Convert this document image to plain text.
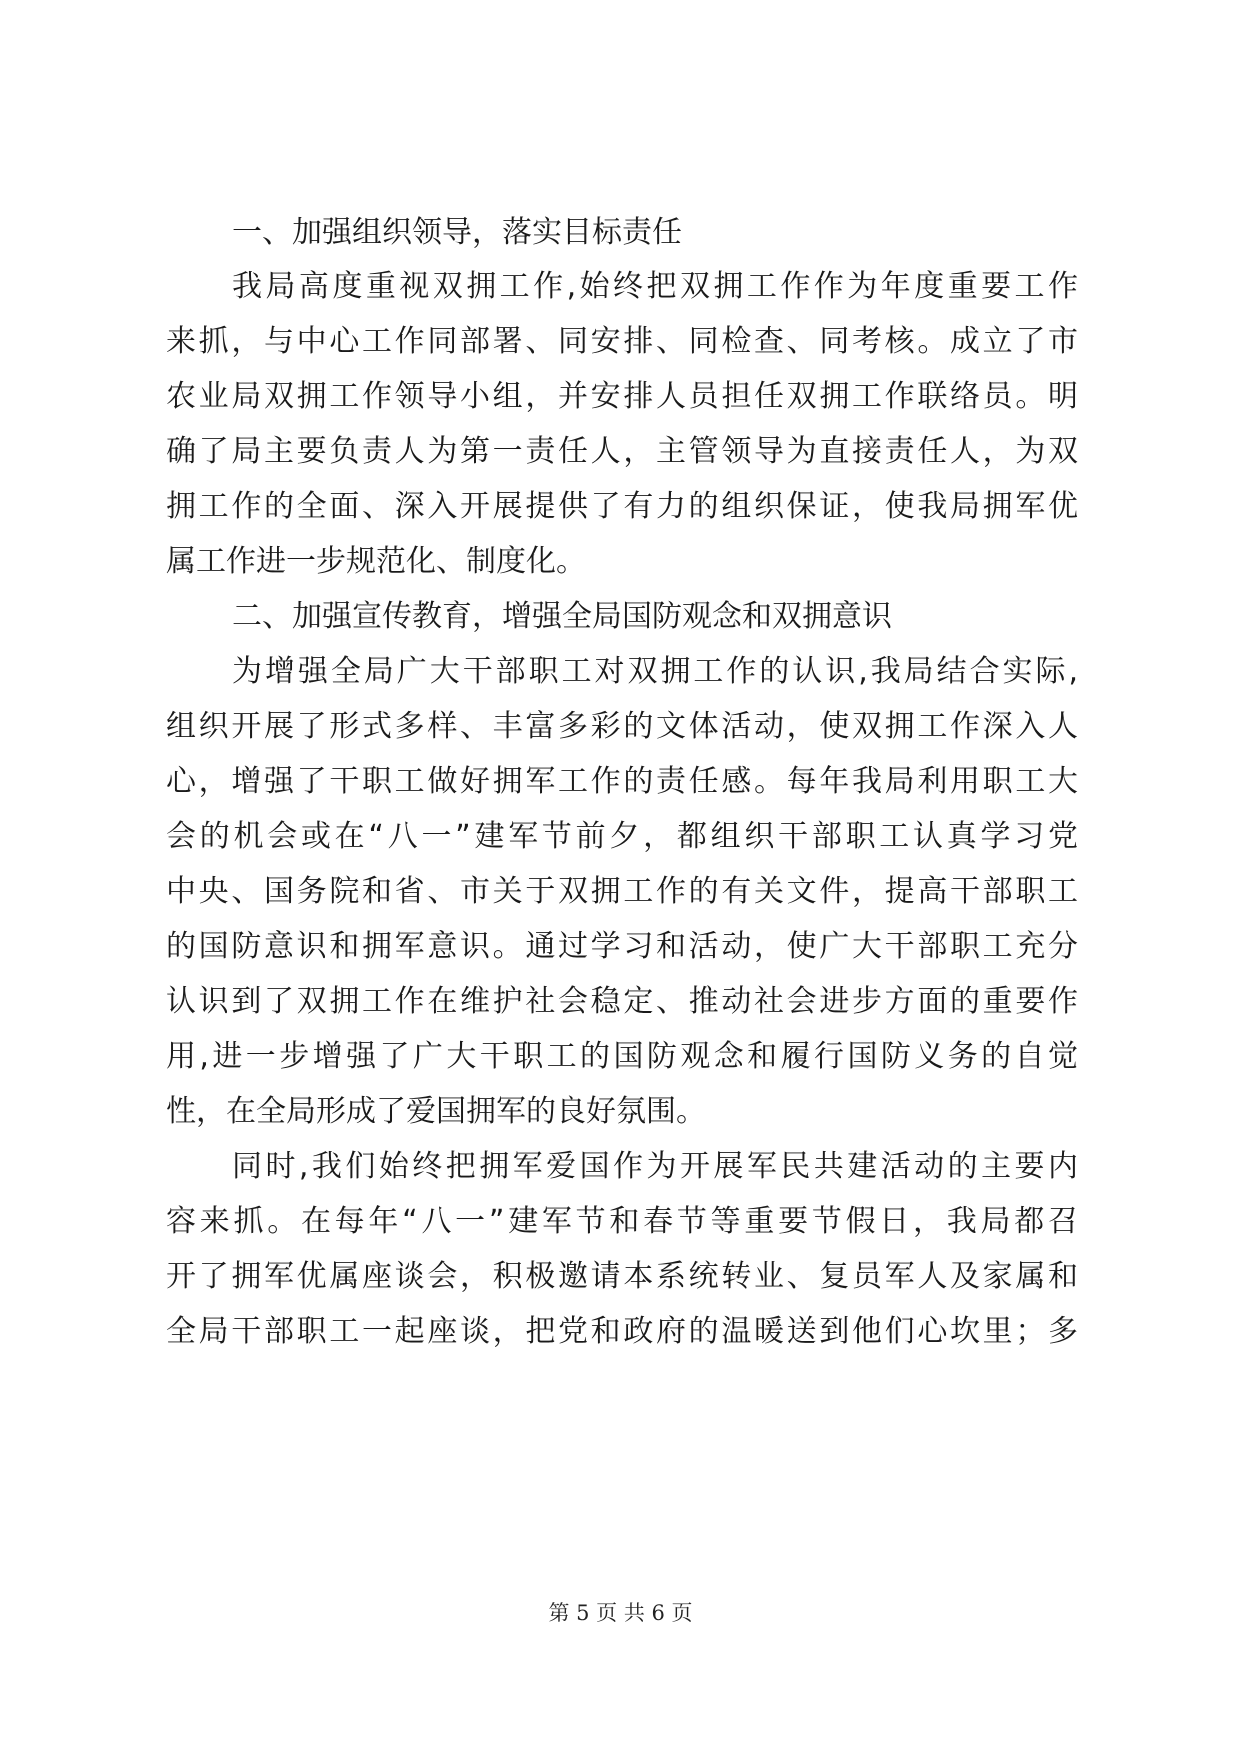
一、加强组织领导，落实目标责任
我局高度重视双拥工作,始终把双拥工作作为年度重要工作
来抓，与中心工作同部署、同安排、同检查、同考核。成立了市
农业局双拥工作领导小组，并安排人员担任双拥工作联络员。明
确了局主要负责人为第一责任人，主管领导为直接责任人，为双
拥工作的全面、深入开展提供了有力的组织保证，使我局拥军优
属工作进一步规范化、制度化。
二、加强宣传教育，增强全局国防观念和双拥意识
为增强全局广大干部职工对双拥工作的认识,我局结合实际,
组织开展了形式多样、丰富多彩的文体活动，使双拥工作深入人
心，增强了干职工做好拥军工作的责任感。每年我局利用职工大
会的机会或在“八一”建军节前夕，都组织干部职工认真学习党
中央、国务院和省、市关于双拥工作的有关文件，提高干部职工
的国防意识和拥军意识。通过学习和活动，使广大干部职工充分
认识到了双拥工作在维护社会稳定、推动社会进步方面的重要作
用,进一步增强了广大干职工的国防观念和履行国防义务的自觉
性，在全局形成了爱国拥军的良好氛围。
同时,我们始终把拥军爱国作为开展军民共建活动的主要内
容来抓。在每年“八一”建军节和春节等重要节假日，我局都召
开了拥军优属座谈会，积极邀请本系统转业、复员军人及家属和
全局干部职工一起座谈，把党和政府的温暖送到他们心坎里；多
第 5 页 共 6 页
